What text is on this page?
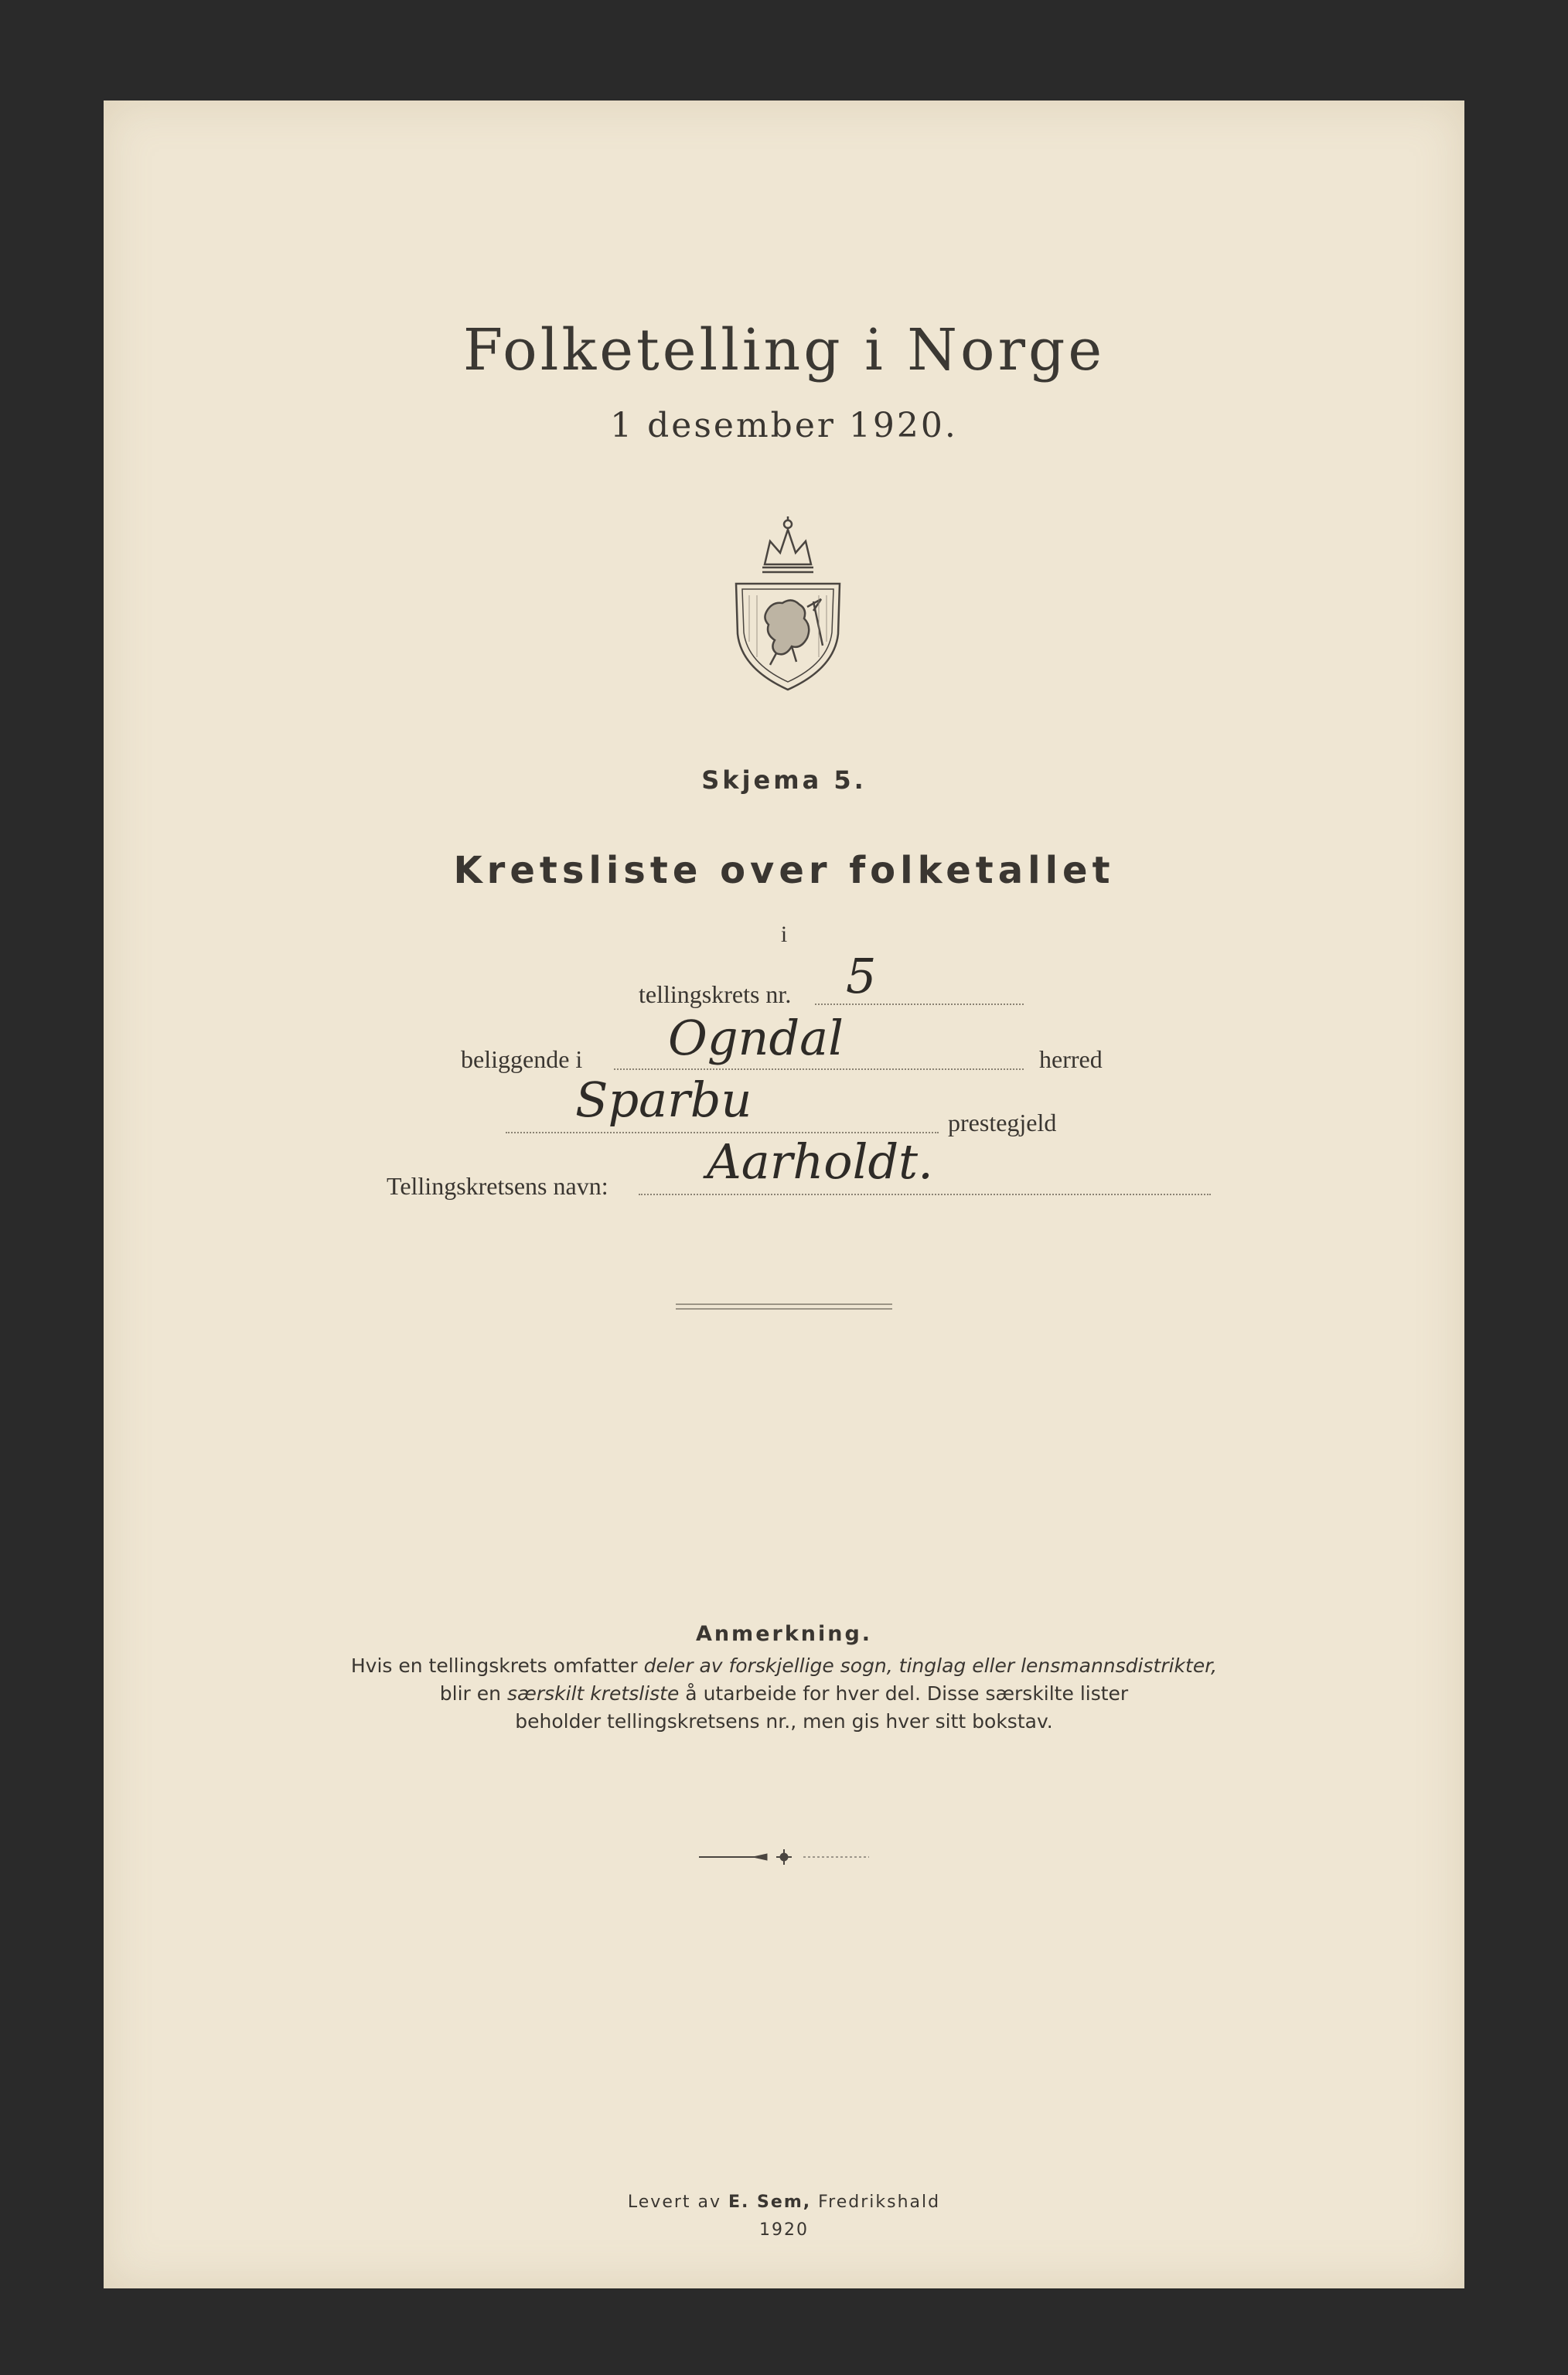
Folketelling i Norge
1 desember 1920.
Skjema 5.
Kretsliste over folketallet
i
tellingskrets nr. 5
beliggende i Ogndal	herred
Sparbu	prestegjeld
Tellingskretsens navn: Aarholdt.
Anmerkning.
Hvis en tellingskrets omfatter deler av forskjellige sogn, tinglag eller lensmannsdistrikter,
blir en særskilt kretsliste å utarbeide for hver del. Disse særskilte lister
beholder tellingskretsens nr., men gis hver sitt bokstav.
Levert av E. Sem, Fredrikshald
1920
